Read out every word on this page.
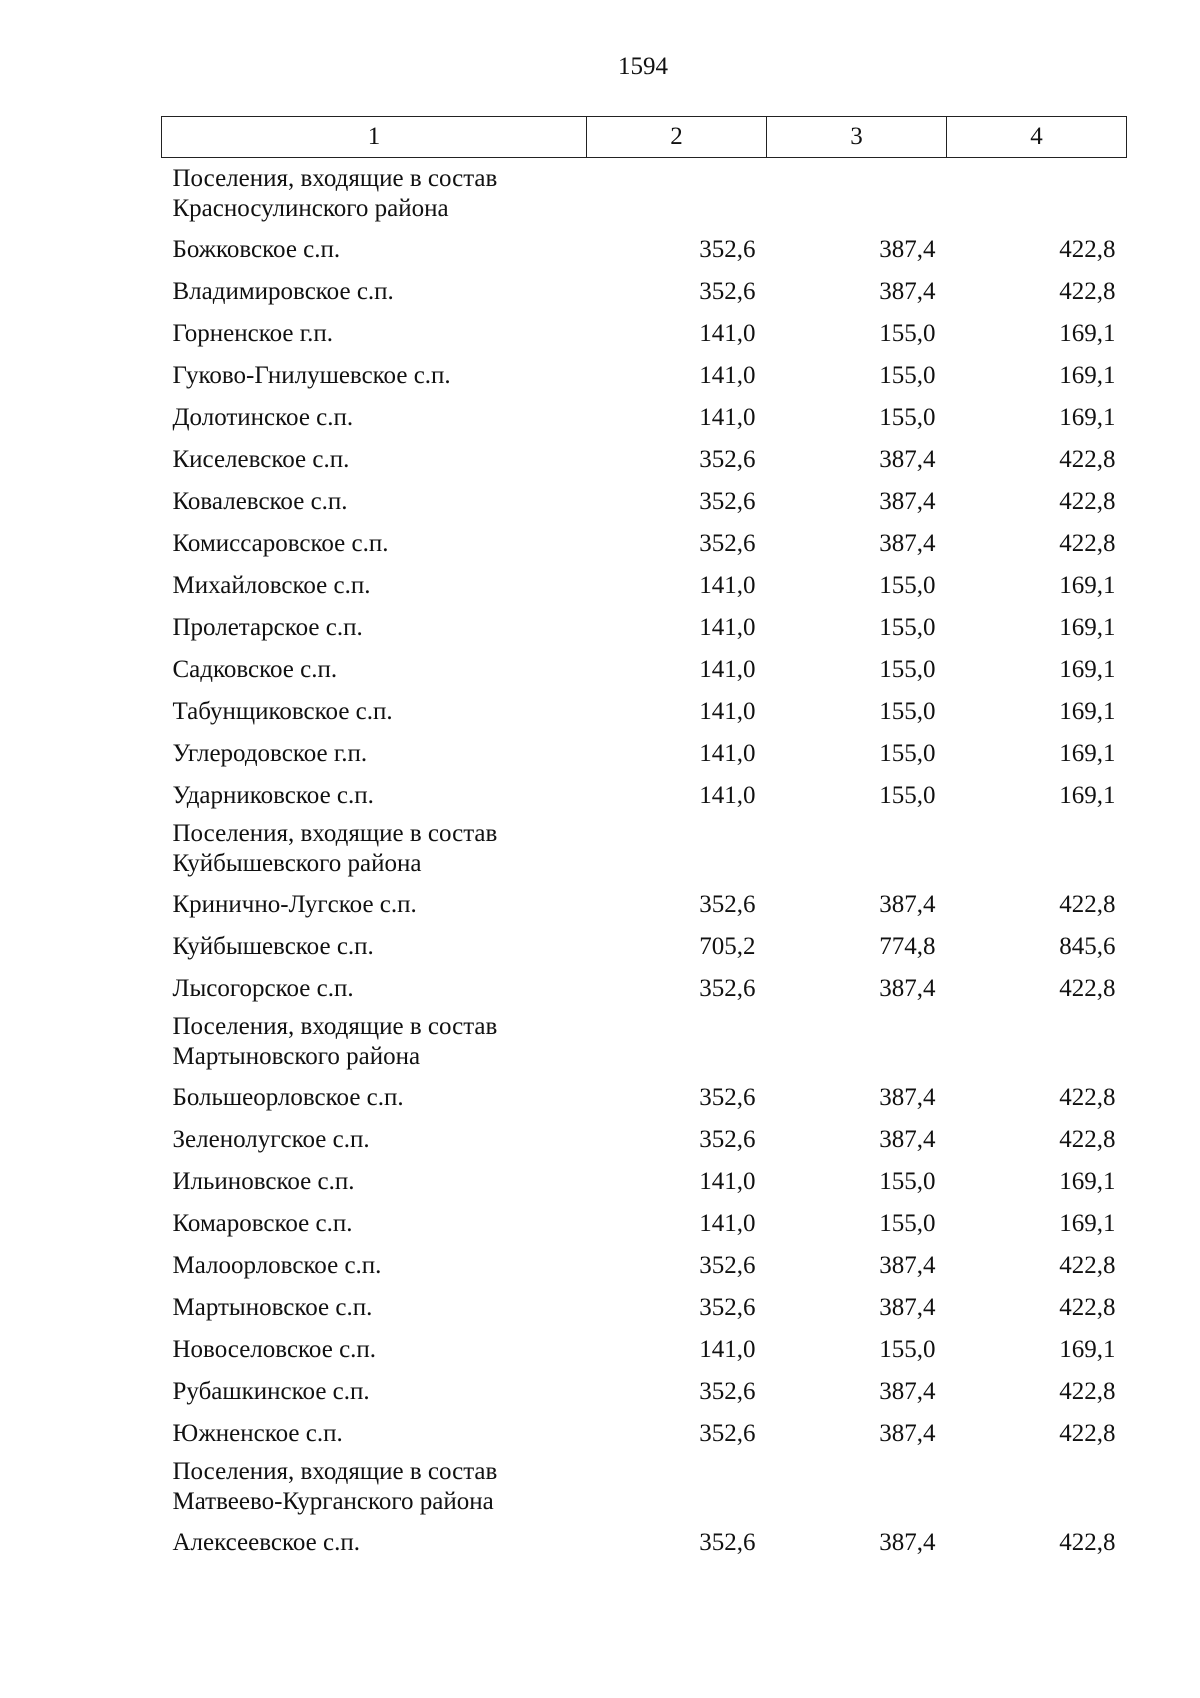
1594
1	2	3	4

Поселения, входящие в состав
Красносулинского района			

Божковское с.п.	352,6	387,4	422,8
Владимировское с.п.	352,6	387,4	422,8
Горненское г.п.	141,0	155,0	169,1
Гуково-Гнилушевское с.п.	141,0	155,0	169,1
Долотинское с.п.	141,0	155,0	169,1
Киселевское с.п.	352,6	387,4	422,8
Ковалевское с.п.	352,6	387,4	422,8
Комиссаровское с.п.	352,6	387,4	422,8
Михайловское с.п.	141,0	155,0	169,1
Пролетарское с.п.	141,0	155,0	169,1
Садковское с.п.	141,0	155,0	169,1
Табунщиковское с.п.	141,0	155,0	169,1
Углеродовское г.п.	141,0	155,0	169,1
Ударниковское с.п.	141,0	155,0	169,1

Поселения, входящие в состав
Куйбышевского района			

Кринично-Лугское с.п.	352,6	387,4	422,8
Куйбышевское с.п.	705,2	774,8	845,6
Лысогорское с.п.	352,6	387,4	422,8

Поселения, входящие в состав
Мартыновского района			

Большеорловское с.п.	352,6	387,4	422,8
Зеленолугское с.п.	352,6	387,4	422,8
Ильиновское с.п.	141,0	155,0	169,1
Комаровское с.п.	141,0	155,0	169,1
Малоорловское с.п.	352,6	387,4	422,8
Мартыновское с.п.	352,6	387,4	422,8
Новоселовское с.п.	141,0	155,0	169,1
Рубашкинское с.п.	352,6	387,4	422,8
Южненское с.п.	352,6	387,4	422,8

Поселения, входящие в состав
Матвеево-Курганского района			

Алексеевское с.п.	352,6	387,4	422,8
